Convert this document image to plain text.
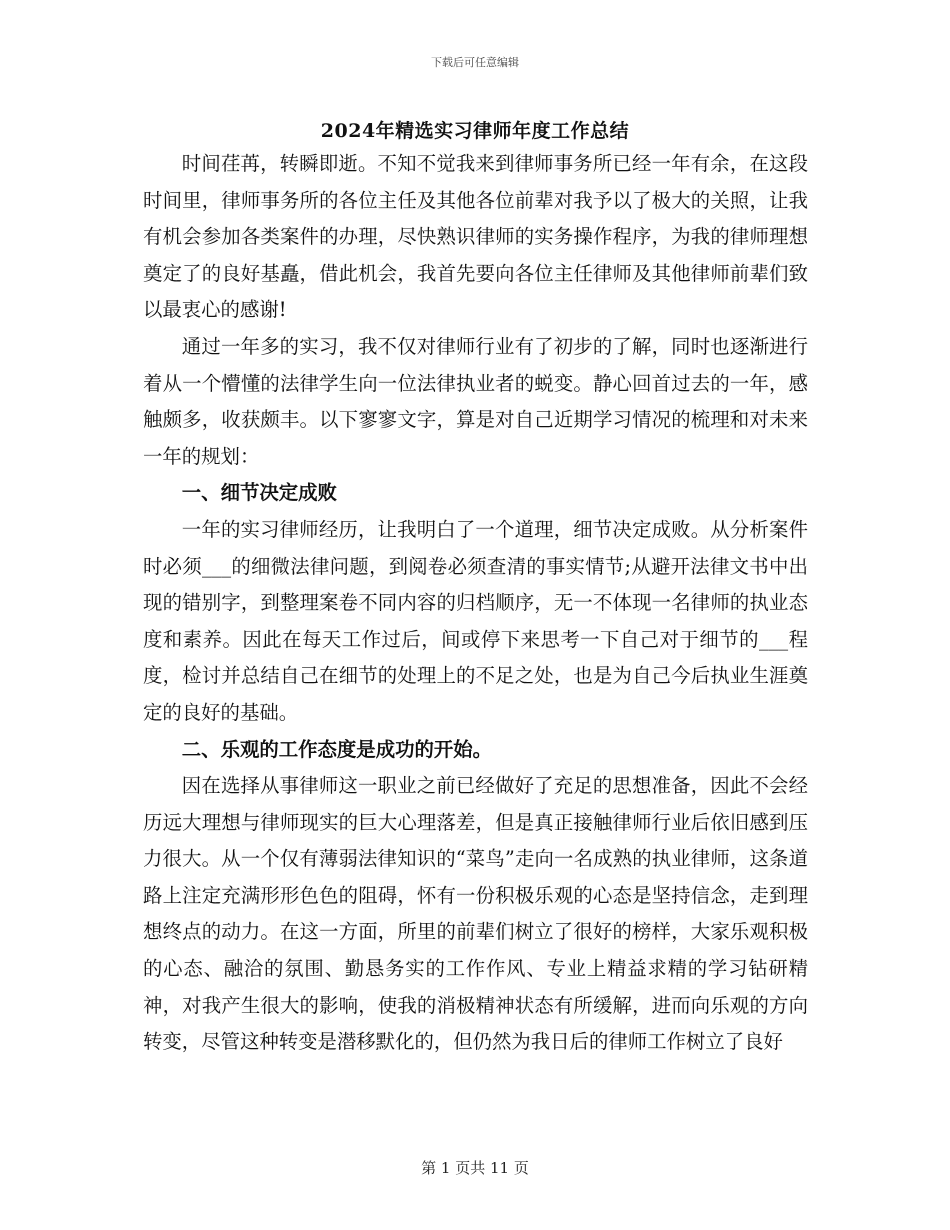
下载后可任意编辑
2024年精选实习律师年度工作总结

时间荏苒，转瞬即逝。不知不觉我来到律师事务所已经一年有余，在这段时间里，律师事务所的各位主任及其他各位前辈对我予以了极大的关照，让我有机会参加各类案件的办理，尽快熟识律师的实务操作程序，为我的律师理想奠定了的良好基矗，借此机会，我首先要向各位主任律师及其他律师前辈们致以最衷心的感谢!

通过一年多的实习，我不仅对律师行业有了初步的了解，同时也逐渐进行着从一个懵懂的法律学生向一位法律执业者的蜕变。静心回首过去的一年，感触颇多，收获颇丰。以下寥寥文字，算是对自己近期学习情况的梳理和对未来一年的规划：

一、细节决定成败

一年的实习律师经历，让我明白了一个道理，细节决定成败。从分析案件时必须___的细微法律问题，到阅卷必须查清的事实情节;从避开法律文书中出现的错别字，到整理案卷不同内容的归档顺序，无一不体现一名律师的执业态度和素养。因此在每天工作过后，间或停下来思考一下自己对于细节的___程度，检讨并总结自己在细节的处理上的不足之处，也是为自己今后执业生涯奠定的良好的基础。

二、乐观的工作态度是成功的开始。

因在选择从事律师这一职业之前已经做好了充足的思想准备，因此不会经历远大理想与律师现实的巨大心理落差，但是真正接触律师行业后依旧感到压力很大。从一个仅有薄弱法律知识的“菜鸟”走向一名成熟的执业律师，这条道路上注定充满形形色色的阻碍，怀有一份积极乐观的心态是坚持信念，走到理想终点的动力。在这一方面，所里的前辈们树立了很好的榜样，大家乐观积极的心态、融洽的氛围、勤恳务实的工作作风、专业上精益求精的学习钻研精神，对我产生很大的影响，使我的消极精神状态有所缓解，进而向乐观的方向转变，尽管这种转变是潜移默化的，但仍然为我日后的律师工作树立了良好

第 1 页共 11 页
